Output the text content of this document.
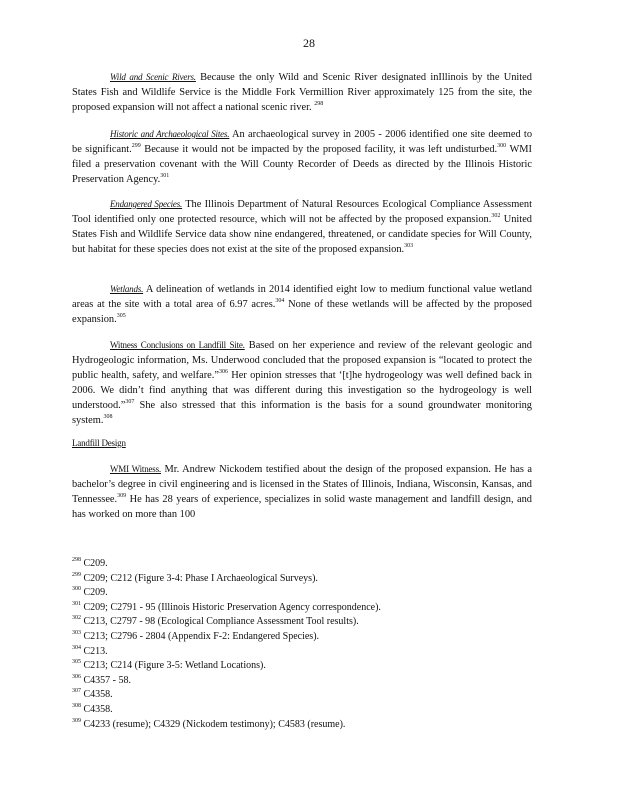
28
Wild and Scenic Rivers. Because the only Wild and Scenic River designated inIllinois by the United States Fish and Wildlife Service is the Middle Fork Vermillion River approximately 125 from the site, the proposed expansion will not affect a national scenic river. $^{298}$
Historic and Archaeological Sites. An archaeological survey in 2005 - 2006 identified one site deemed to be significant.$^{299}$ Because it would not be impacted by the proposed facility, it was left undisturbed.$^{300}$ WMI filed a preservation covenant with the Will County Recorder of Deeds as directed by the Illinois Historic Preservation Agency.$^{301}$
Endangered Species. The Illinois Department of Natural Resources Ecological Compliance Assessment Tool identified only one protected resource, which will not be affected by the proposed expansion.$^{302}$ United States Fish and Wildlife Service data show nine endangered, threatened, or candidate species for Will County, but habitat for these species does not exist at the site of the proposed expansion.$^{303}$
Wetlands. A delineation of wetlands in 2014 identified eight low to medium functional value wetland areas at the site with a total area of 6.97 acres.$^{304}$ None of these wetlands will be affected by the proposed expansion.$^{305}$
Witness Conclusions on Landfill Site. Based on her experience and review of the relevant geologic and Hydrogeologic information, Ms. Underwood concluded that the proposed expansion is “located to protect the public health, safety, and welfare.”$^{306}$ Her opinion stresses that ‘[t]he hydrogeology was well defined back in 2006. We didn’t find anything that was different during this investigation so the hydrogeology is well understood.”$^{307}$ She also stressed that this information is the basis for a sound groundwater monitoring system.$^{308}$
Landfill Design
WMI Witness. Mr. Andrew Nickodem testified about the design of the proposed expansion. He has a bachelor’s degree in civil engineering and is licensed in the States of Illinois, Indiana, Wisconsin, Kansas, and Tennessee.$^{309}$ He has 28 years of experience, specializes in solid waste management and landfill design, and has worked on more than 100
$^{298}$ C209.
$^{299}$ C209; C212 (Figure 3-4: Phase I Archaeological Surveys).
$^{300}$ C209.
$^{301}$ C209; C2791 - 95 (Illinois Historic Preservation Agency correspondence).
$^{302}$ C213, C2797 - 98 (Ecological Compliance Assessment Tool results).
$^{303}$ C213; C2796 - 2804 (Appendix F-2: Endangered Species).
$^{304}$ C213.
$^{305}$ C213; C214 (Figure 3-5: Wetland Locations).
$^{306}$ C4357 - 58.
$^{307}$ C4358.
$^{308}$ C4358.
$^{309}$ C4233 (resume); C4329 (Nickodem testimony); C4583 (resume).
